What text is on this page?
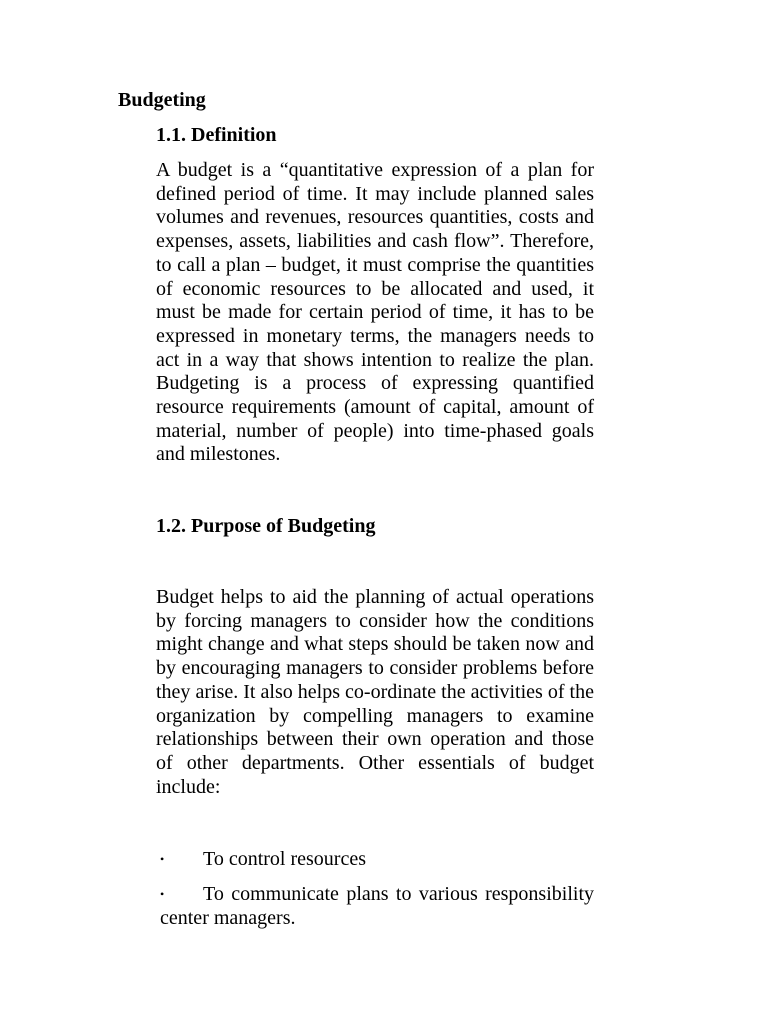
Budgeting
1.1. Definition

A budget is a “quantitative expression of a plan for defined period of time. It may include planned sales volumes and revenues, resources quantities, costs and expenses, assets, liabilities and cash flow”. Therefore, to call a plan – budget, it must comprise the quantities of economic resources to be allocated and used, it must be made for certain period of time, it has to be expressed in monetary terms, the managers needs to act in a way that shows intention to realize the plan. Budgeting is a process of expressing quantified resource requirements (amount of capital, amount of material, number of people) into time-phased goals and milestones.

1.2. Purpose of Budgeting

Budget helps to aid the planning of actual operations by forcing managers to consider how the conditions might change and what steps should be taken now and by encouraging managers to consider problems before they arise. It also helps co-ordinate the activities of the organization by compelling managers to examine relationships between their own operation and those of other departments. Other essentials of budget include:

• To control resources
• To communicate plans to various responsibility center managers.
